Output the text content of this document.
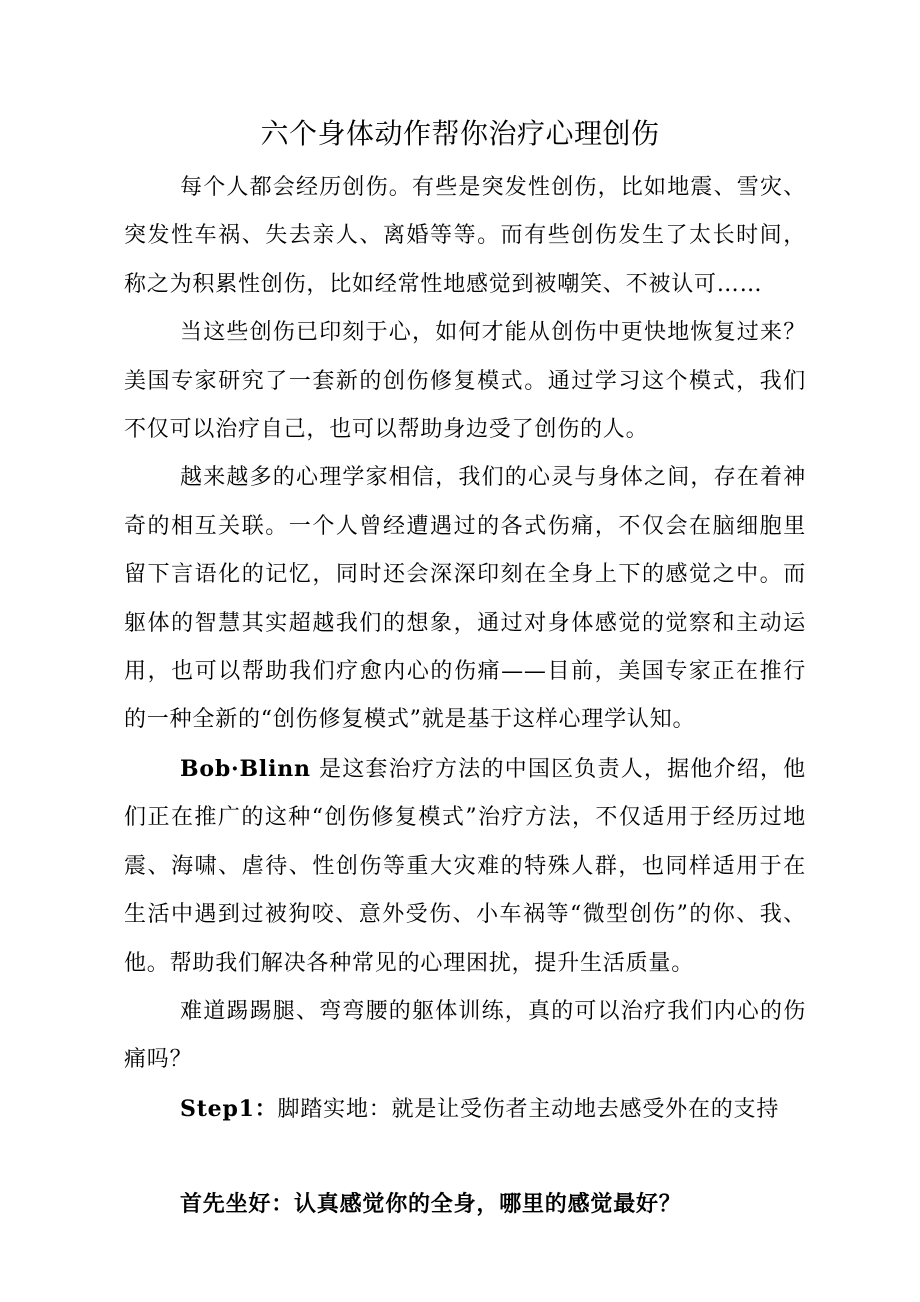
六个身体动作帮你治疗心理创伤

每个人都会经历创伤。有些是突发性创伤，比如地震、雪灾、突发性车祸、失去亲人、离婚等等。而有些创伤发生了太长时间，称之为积累性创伤，比如经常性地感觉到被嘲笑、不被认可……

当这些创伤已印刻于心，如何才能从创伤中更快地恢复过来？美国专家研究了一套新的创伤修复模式。通过学习这个模式，我们不仅可以治疗自己，也可以帮助身边受了创伤的人。

越来越多的心理学家相信，我们的心灵与身体之间，存在着神奇的相互关联。一个人曾经遭遇过的各式伤痛，不仅会在脑细胞里留下言语化的记忆，同时还会深深印刻在全身上下的感觉之中。而躯体的智慧其实超越我们的想象，通过对身体感觉的觉察和主动运用，也可以帮助我们疗愈内心的伤痛——目前，美国专家正在推行的一种全新的“创伤修复模式”就是基于这样心理学认知。

Bob·Blinn 是这套治疗方法的中国区负责人，据他介绍，他们正在推广的这种“创伤修复模式”治疗方法，不仅适用于经历过地震、海啸、虐待、性创伤等重大灾难的特殊人群，也同样适用于在生活中遇到过被狗咬、意外受伤、小车祸等“微型创伤”的你、我、他。帮助我们解决各种常见的心理困扰，提升生活质量。

难道踢踢腿、弯弯腰的躯体训练，真的可以治疗我们内心的伤痛吗？

Step1：脚踏实地：就是让受伤者主动地去感受外在的支持

首先坐好：认真感觉你的全身，哪里的感觉最好？
